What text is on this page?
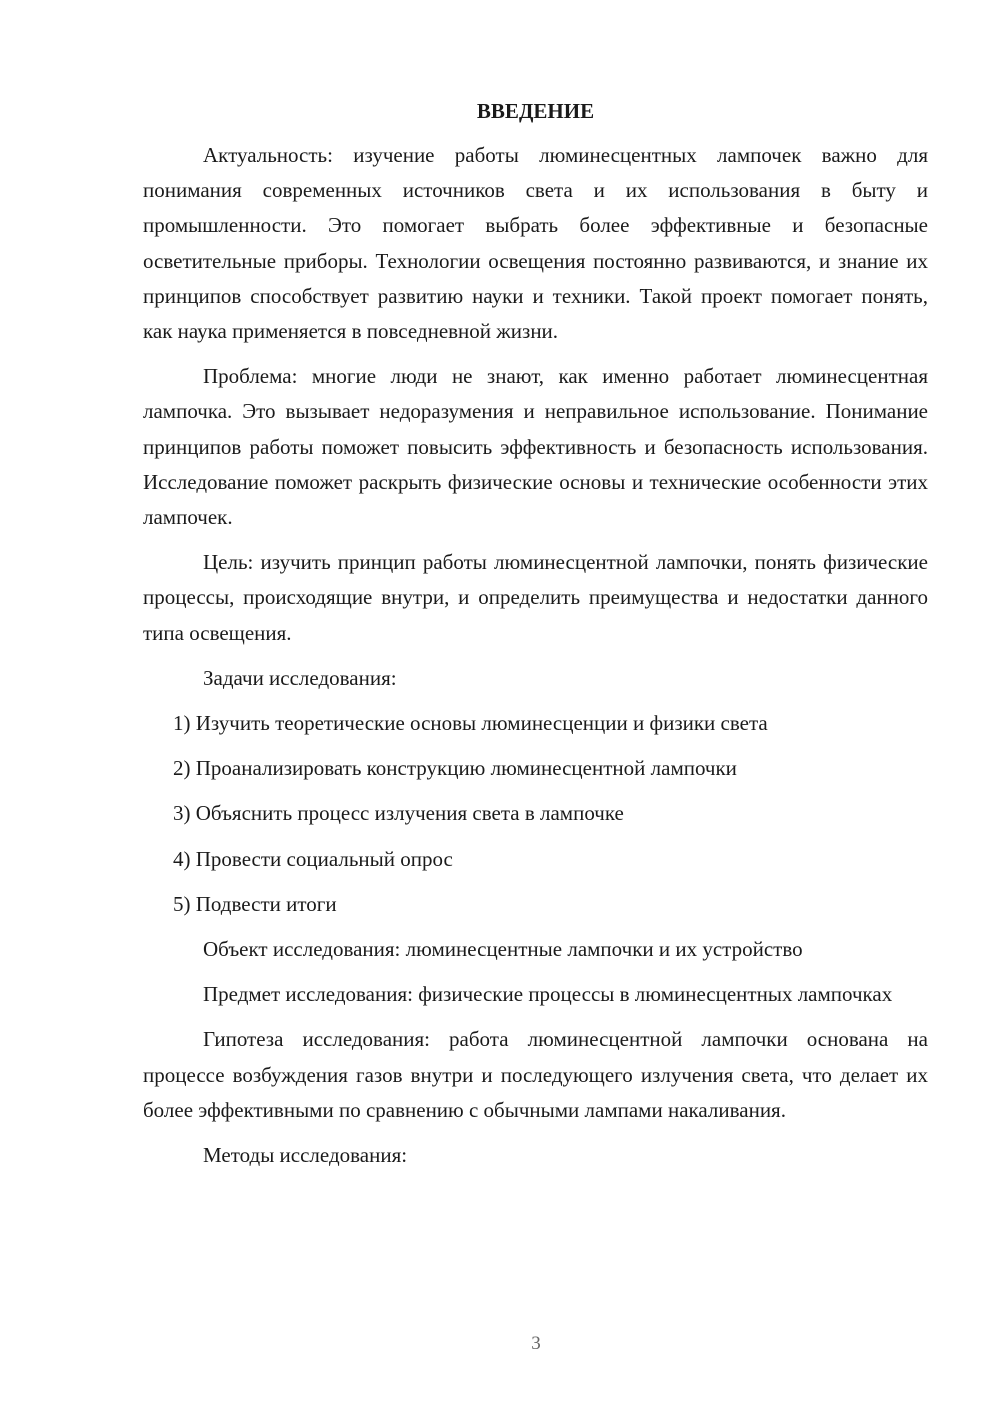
ВВЕДЕНИЕ

Актуальность: изучение работы люминесцентных лампочек важно для понимания современных источников света и их использования в быту и промышленности. Это помогает выбрать более эффективные и безопасные осветительные приборы. Технологии освещения постоянно развиваются, и знание их принципов способствует развитию науки и техники. Такой проект помогает понять, как наука применяется в повседневной жизни.

Проблема: многие люди не знают, как именно работает люминесцентная лампочка. Это вызывает недоразумения и неправильное использование. Понимание принципов работы поможет повысить эффективность и безопасность использования. Исследование поможет раскрыть физические основы и технические особенности этих лампочек.

Цель: изучить принцип работы люминесцентной лампочки, понять физические процессы, происходящие внутри, и определить преимущества и недостатки данного типа освещения.

Задачи исследования:

1) Изучить теоретические основы люминесценции и физики света

2) Проанализировать конструкцию люминесцентной лампочки

3) Объяснить процесс излучения света в лампочке

4) Провести социальный опрос

5) Подвести итоги

Объект исследования: люминесцентные лампочки и их устройство

Предмет исследования: физические процессы в люминесцентных лампочках

Гипотеза исследования: работа люминесцентной лампочки основана на процессе возбуждения газов внутри и последующего излучения света, что делает их более эффективными по сравнению с обычными лампами накаливания.

Методы исследования:

3
